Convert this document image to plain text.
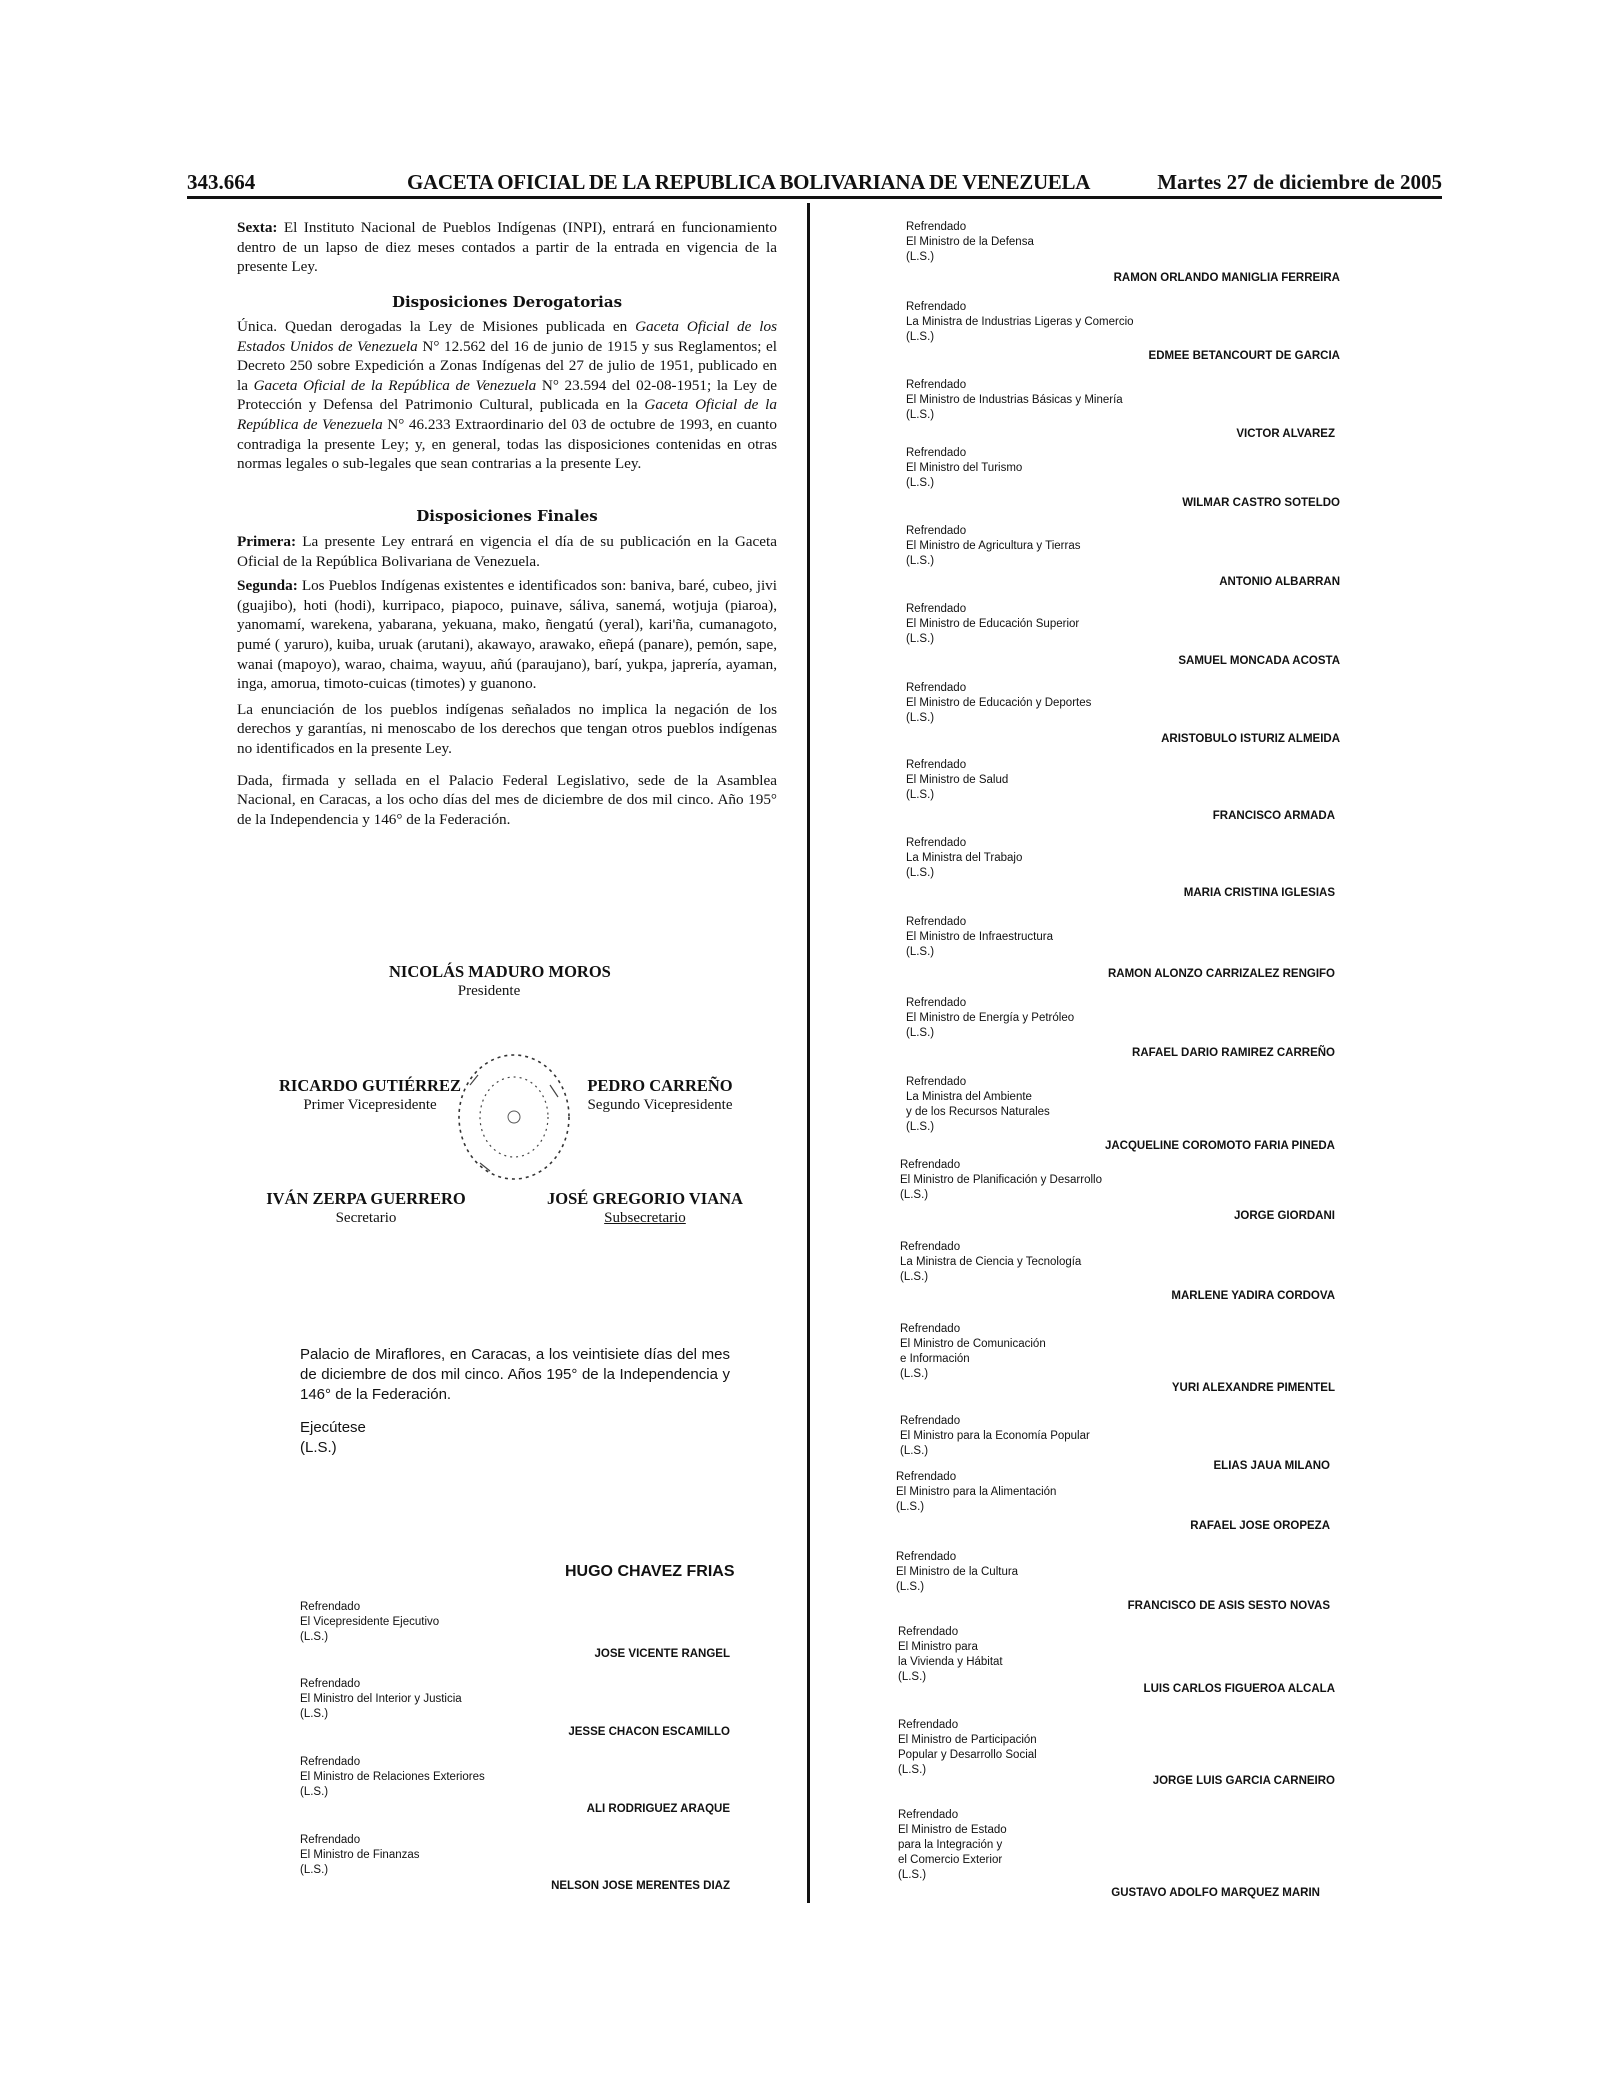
343.664	GACETA OFICIAL DE LA REPUBLICA BOLIVARIANA DE VENEZUELA	Martes 27 de diciembre de 2005

Sexta: El Instituto Nacional de Pueblos Indígenas (INPI), entrará en funcionamiento dentro de un lapso de diez meses contados a partir de la entrada en vigencia de la presente Ley.

Disposiciones Derogatorias

Única. Quedan derogadas la Ley de Misiones publicada en Gaceta Oficial de los Estados Unidos de Venezuela N° 12.562 del 16 de junio de 1915 y sus Reglamentos; el Decreto 250 sobre Expedición a Zonas Indígenas del 27 de julio de 1951, publicado en la Gaceta Oficial de la República de Venezuela N° 23.594 del 02-08-1951; la Ley de Protección y Defensa del Patrimonio Cultural, publicada en la Gaceta Oficial de la República de Venezuela N° 46.233 Extraordinario del 03 de octubre de 1993, en cuanto contradiga la presente Ley; y, en general, todas las disposiciones contenidas en otras normas legales o sub-legales que sean contrarias a la presente Ley.

Disposiciones Finales

Primera: La presente Ley entrará en vigencia el día de su publicación en la Gaceta Oficial de la República Bolivariana de Venezuela.

Segunda: Los Pueblos Indígenas existentes e identificados son: baniva, baré, cubeo, jivi (guajibo), hoti (hodi), kurripaco, piapoco, puinave, sáliva, sanemá, wotjuja (piaroa), yanomamí, warekena, yabarana, yekuana, mako, ñengatú (yeral), kari'ña, cumanagoto, pumé ( yaruro), kuiba, uruak (arutani), akawayo, arawako, eñepá (panare), pemón, sape, wanai (mapoyo), warao, chaima, wayuu, añú (paraujano), barí, yukpa, japrería, ayaman, inga, amorua, timoto-cuicas (timotes) y guanono.

La enunciación de los pueblos indígenas señalados no implica la negación de los derechos y garantías, ni menoscabo de los derechos que tengan otros pueblos indígenas no identificados en la presente Ley.

Dada, firmada y sellada en el Palacio Federal Legislativo, sede de la Asamblea Nacional, en Caracas, a los ocho días del mes de diciembre de dos mil cinco. Año 195° de la Independencia y 146° de la Federación.

NICOLÁS MADURO MOROS
Presidente
RICARDO GUTIÉRREZ
Primer Vicepresidente
PEDRO CARREÑO
Segundo Vicepresidente
IVÁN ZERPA GUERRERO
Secretario
JOSÉ GREGORIO VIANA
Subsecretario
Palacio de Miraflores, en Caracas, a los veintisiete días del mes de diciembre de dos mil cinco. Años 195° de la Independencia y 146° de la Federación.
Ejecútese
(L.S.)
HUGO CHAVEZ FRIAS
Refrendado
El Vicepresidente Ejecutivo
(L.S.)
JOSE VICENTE RANGEL
Refrendado
El Ministro del Interior y Justicia
(L.S.)
JESSE CHACON ESCAMILLO
Refrendado
El Ministro de Relaciones Exteriores
(L.S.)
ALI RODRIGUEZ ARAQUE
Refrendado
El Ministro de Finanzas
(L.S.)
NELSON JOSE MERENTES DIAZ
Refrendado
El Ministro de la Defensa
(L.S.)
RAMON ORLANDO MANIGLIA FERREIRA
Refrendado
La Ministra de Industrias Ligeras y Comercio
(L.S.)
EDMEE BETANCOURT DE GARCIA
Refrendado
El Ministro de Industrias Básicas y Minería
(L.S.)
VICTOR ALVAREZ
Refrendado
El Ministro del Turismo
(L.S.)
WILMAR CASTRO SOTELDO
Refrendado
El Ministro de Agricultura y Tierras
(L.S.)
ANTONIO ALBARRAN
Refrendado
El Ministro de Educación Superior
(L.S.)
SAMUEL MONCADA ACOSTA
Refrendado
El Ministro de Educación y Deportes
(L.S.)
ARISTOBULO ISTURIZ ALMEIDA
Refrendado
El Ministro de Salud
(L.S.)
FRANCISCO ARMADA
Refrendado
La Ministra del Trabajo
(L.S.)
MARIA CRISTINA IGLESIAS
Refrendado
El Ministro de Infraestructura
(L.S.)
RAMON ALONZO CARRIZALEZ RENGIFO
Refrendado
El Ministro de Energía y Petróleo
(L.S.)
RAFAEL DARIO RAMIREZ CARREÑO
Refrendado
La Ministra del Ambiente
y de los Recursos Naturales
(L.S.)
JACQUELINE COROMOTO FARIA PINEDA
Refrendado
El Ministro de Planificación y Desarrollo
(L.S.)
JORGE GIORDANI
Refrendado
La Ministra de Ciencia y Tecnología
(L.S.)
MARLENE YADIRA CORDOVA
Refrendado
El Ministro de Comunicación
e Información
(L.S.)
YURI ALEXANDRE PIMENTEL
Refrendado
El Ministro para la Economía Popular
(L.S.)
ELIAS JAUA MILANO
Refrendado
El Ministro para la Alimentación
(L.S.)
RAFAEL JOSE OROPEZA
Refrendado
El Ministro de la Cultura
(L.S.)
FRANCISCO DE ASIS SESTO NOVAS
Refrendado
El Ministro para
la Vivienda y Hábitat
(L.S.)
LUIS CARLOS FIGUEROA ALCALA
Refrendado
El Ministro de Participación
Popular y Desarrollo Social
(L.S.)
JORGE LUIS GARCIA CARNEIRO
Refrendado
El Ministro de Estado
para la Integración y
el Comercio Exterior
(L.S.)
GUSTAVO ADOLFO MARQUEZ MARIN
